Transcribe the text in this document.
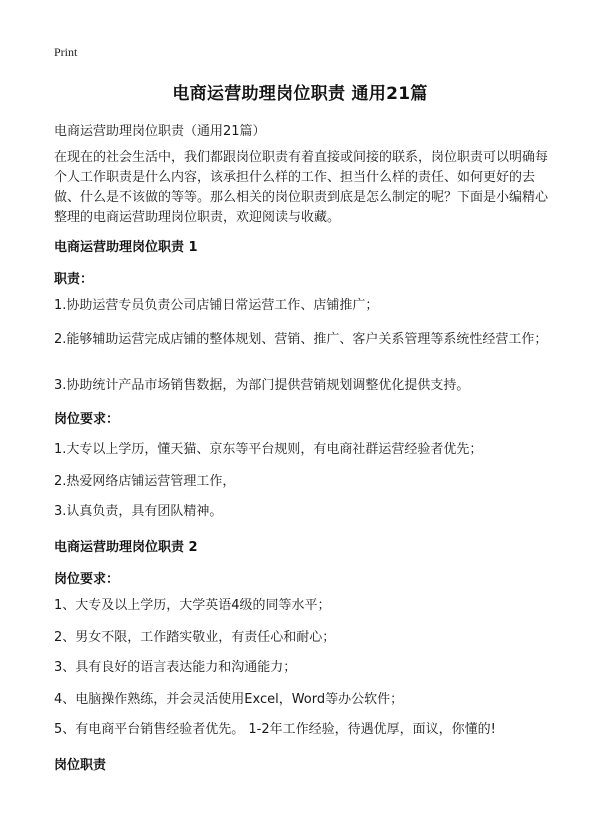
Print
电商运营助理岗位职责 通用21篇
电商运营助理岗位职责（通用21篇）

在现在的社会生活中，我们都跟岗位职责有着直接或间接的联系，岗位职责可以明确每个人工作职责是什么内容，该承担什么样的工作、担当什么样的责任、如何更好的去做、什么是不该做的等等。那么相关的岗位职责到底是怎么制定的呢？下面是小编精心整理的电商运营助理岗位职责，欢迎阅读与收藏。

电商运营助理岗位职责 1
职责：

1.协助运营专员负责公司店铺日常运营工作、店铺推广；

2.能够辅助运营完成店铺的整体规划、营销、推广、客户关系管理等系统性经营工作；

3.协助统计产品市场销售数据，为部门提供营销规划调整优化提供支持。

岗位要求：

1.大专以上学历，懂天猫、京东等平台规则，有电商社群运营经验者优先；

2.热爱网络店铺运营管理工作，

3.认真负责，具有团队精神。

电商运营助理岗位职责 2
岗位要求：

1、大专及以上学历，大学英语4级的同等水平；

2、男女不限，工作踏实敬业，有责任心和耐心；

3、具有良好的语言表达能力和沟通能力；

4、电脑操作熟练，并会灵活使用Excel，Word等办公软件；

5、有电商平台销售经验者优先。 1-2年工作经验，待遇优厚，面议，你懂的!

岗位职责
